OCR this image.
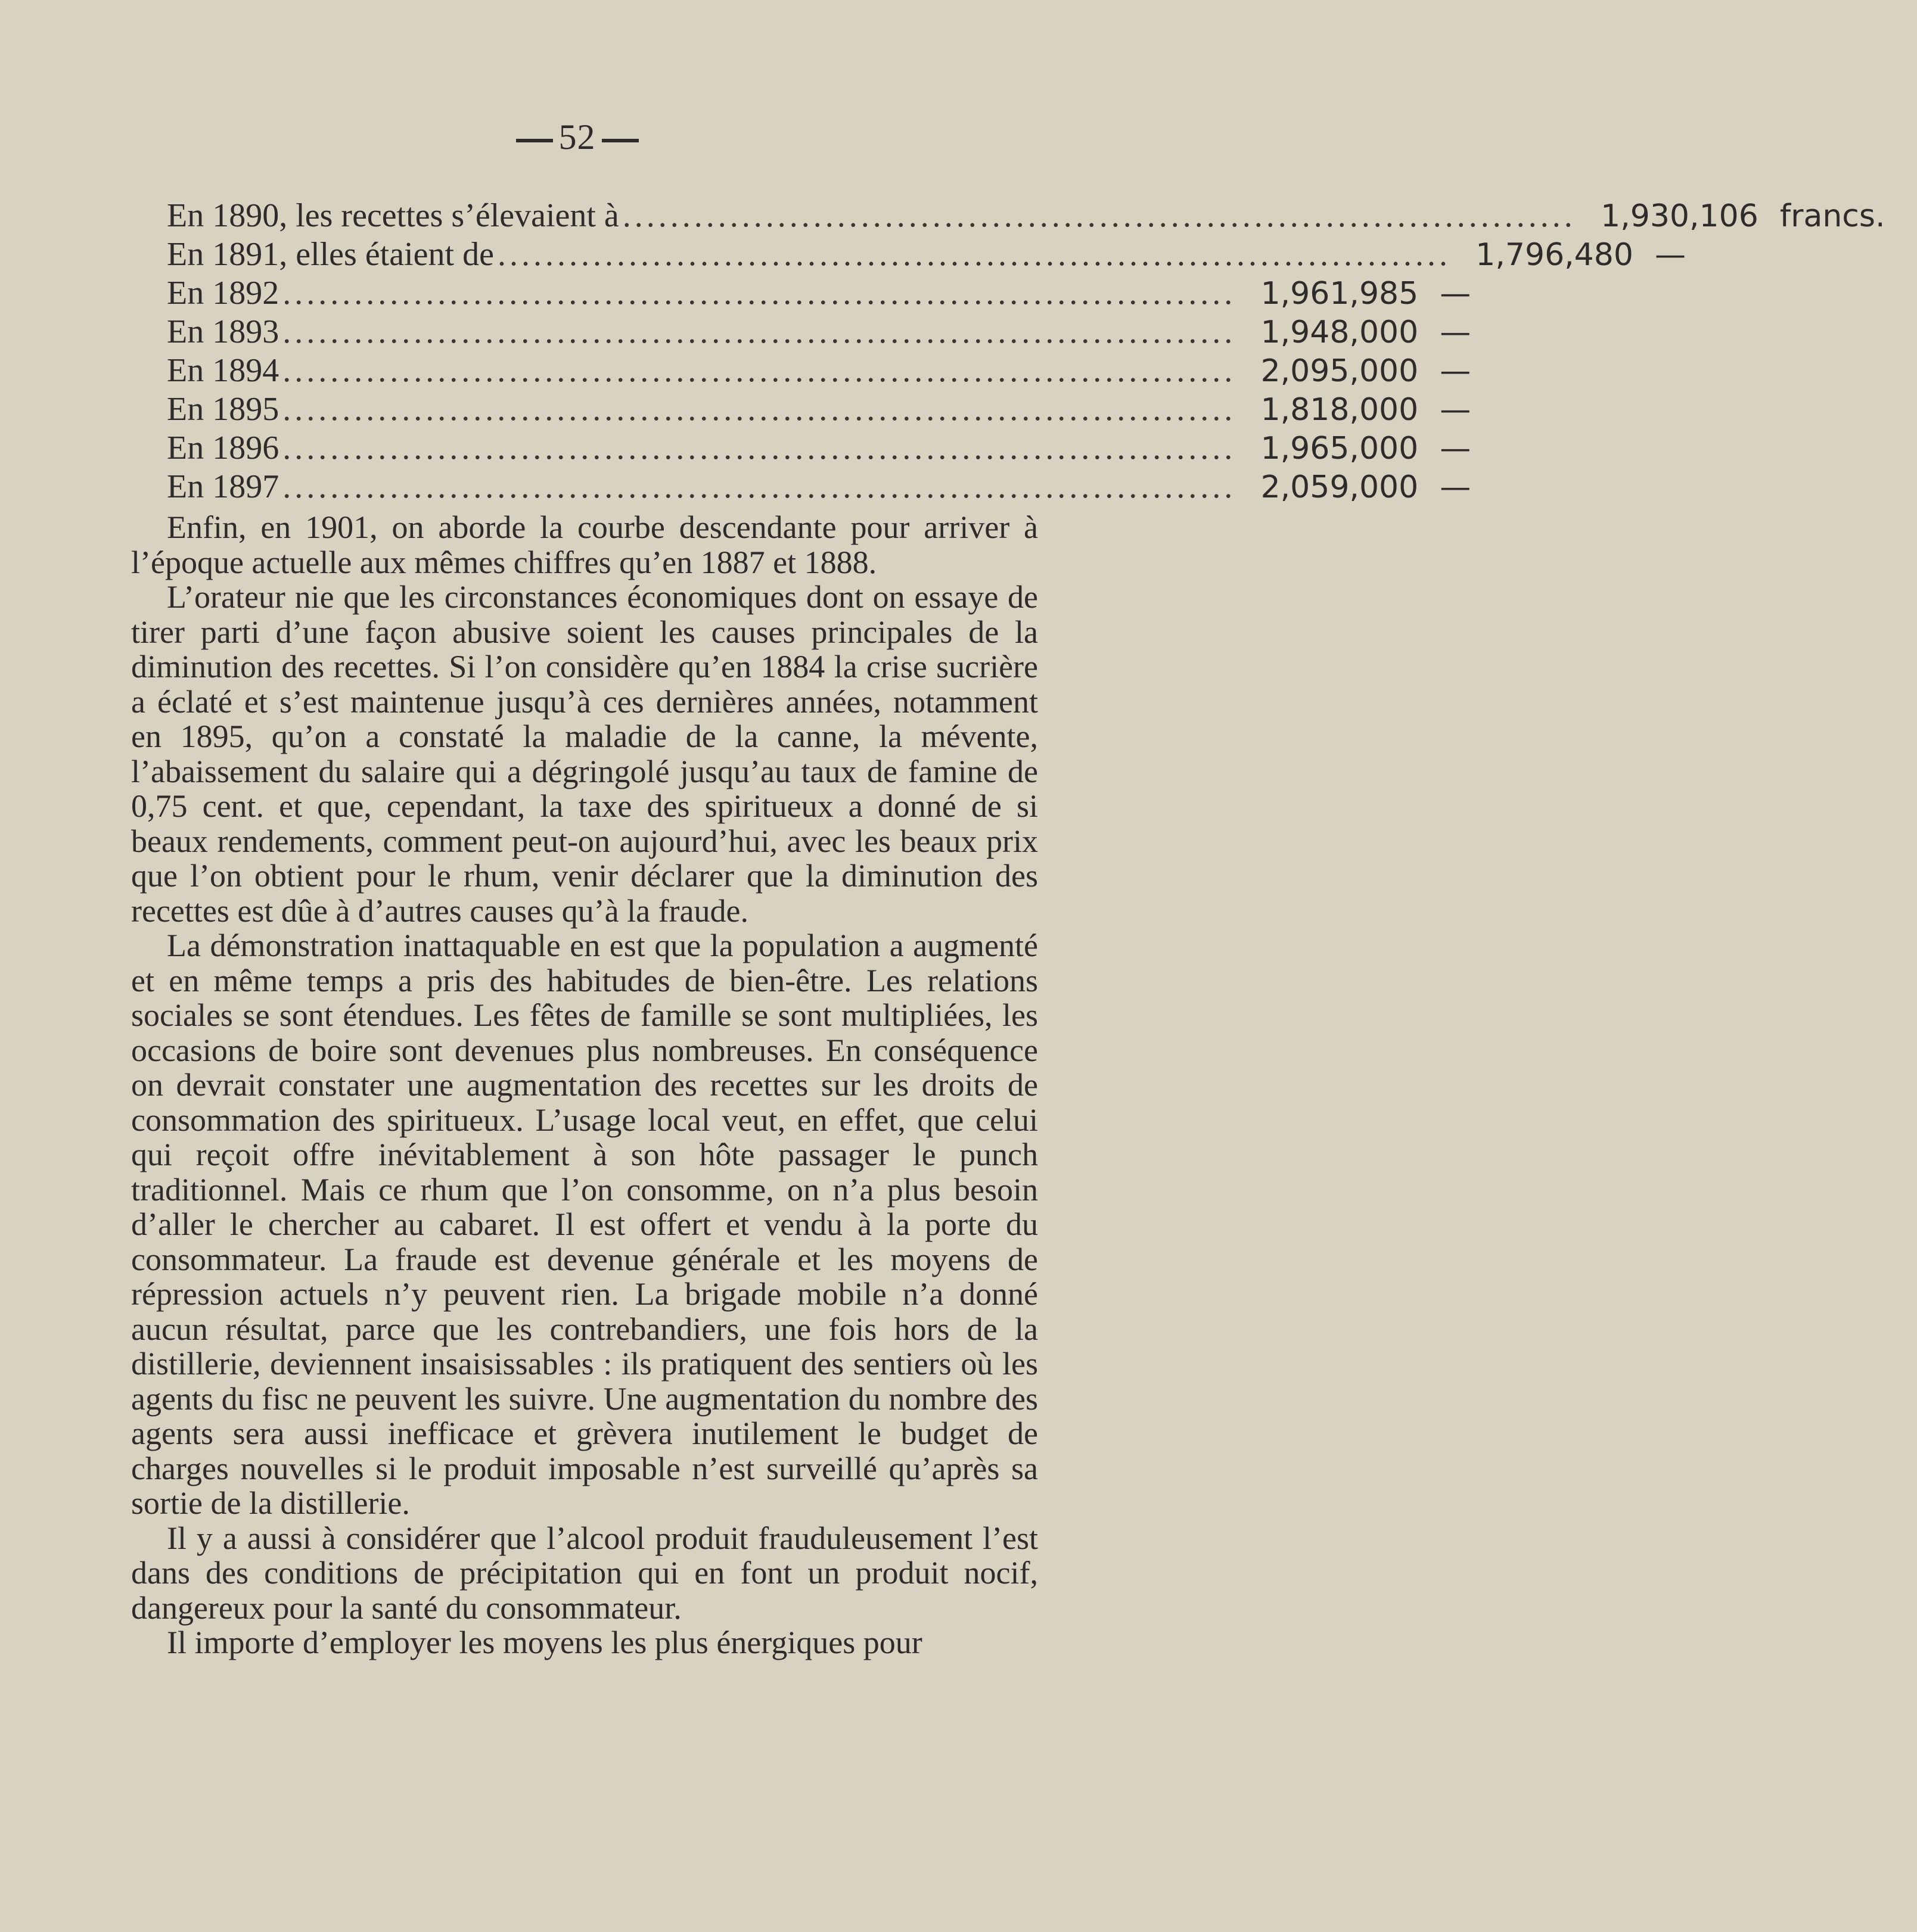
52
En 1890, les recettes s’élevaient à ................................................................................ 1,930,106 francs.
En 1891, elles étaient de ................................................................................ 1,796,480 —
En 1892 ................................................................................ 1,961,985 —
En 1893 ................................................................................ 1,948,000 —
En 1894 ................................................................................ 2,095,000 —
En 1895 ................................................................................ 1,818,000 —
En 1896 ................................................................................ 1,965,000 —
En 1897 ................................................................................ 2,059,000 —

Enfin, en 1901, on aborde la courbe descendante pour arriver à l’époque actuelle aux mêmes chiffres qu’en 1887 et 1888.

L’orateur nie que les circonstances économiques dont on essaye de tirer parti d’une façon abusive soient les causes principales de la diminution des recettes. Si l’on considère qu’en 1884 la crise sucrière a éclaté et s’est maintenue jusqu’à ces dernières années, notamment en 1895, qu’on a constaté la maladie de la canne, la mévente, l’abaissement du salaire qui a dégringolé jusqu’au taux de famine de 0,75 cent. et que, cependant, la taxe des spiritueux a donné de si beaux rendements, comment peut-on aujourd’hui, avec les beaux prix que l’on obtient pour le rhum, venir déclarer que la diminution des recettes est dûe à d’autres causes qu’à la fraude.

La démonstration inattaquable en est que la population a augmenté et en même temps a pris des habitudes de bien-être. Les relations sociales se sont étendues. Les fêtes de famille se sont multipliées, les occasions de boire sont devenues plus nombreuses. En conséquence on devrait constater une augmentation des recettes sur les droits de consommation des spiritueux. L’usage local veut, en effet, que celui qui reçoit offre inévitablement à son hôte passager le punch traditionnel. Mais ce rhum que l’on consomme, on n’a plus besoin d’aller le chercher au cabaret. Il est offert et vendu à la porte du consommateur. La fraude est devenue générale et les moyens de répression actuels n’y peuvent rien. La brigade mobile n’a donné aucun résultat, parce que les contrebandiers, une fois hors de la distillerie, deviennent insaisissables : ils pratiquent des sentiers où les agents du fisc ne peuvent les suivre. Une augmentation du nombre des agents sera aussi inefficace et grèvera inutilement le budget de charges nouvelles si le produit imposable n’est surveillé qu’après sa sortie de la distillerie.

Il y a aussi à considérer que l’alcool produit frauduleusement l’est dans des conditions de précipitation qui en font un produit nocif, dangereux pour la santé du consommateur.

Il importe d’employer les moyens les plus énergiques pour
